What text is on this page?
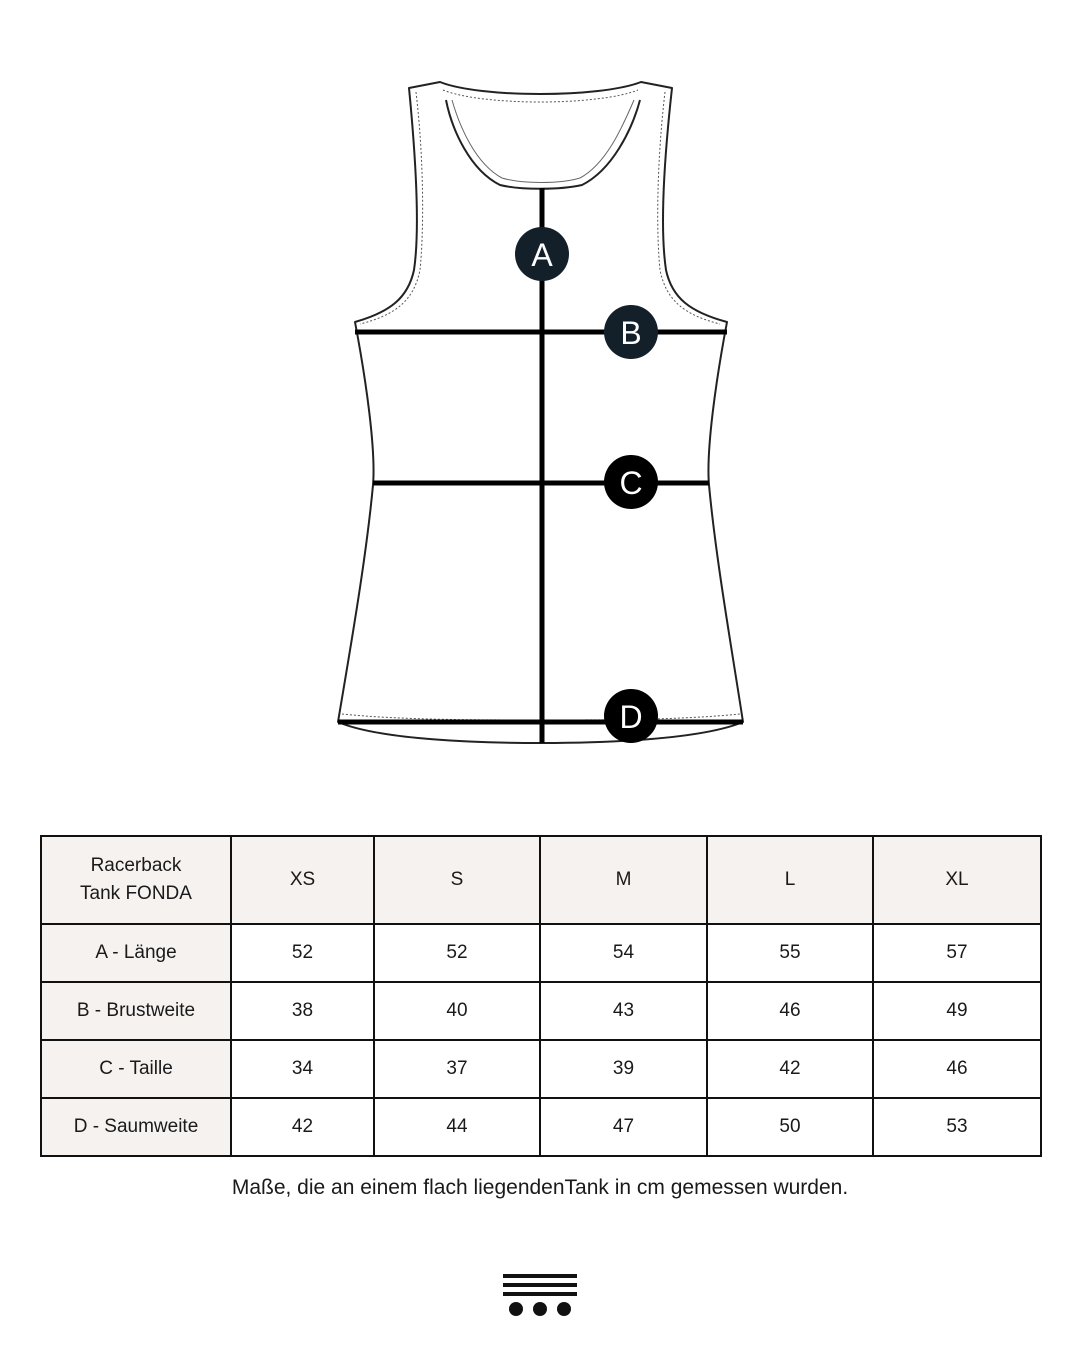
A
B
C
D
Racerback
Tank FONDA	XS	S	M	L	XL
A - Länge	52	52	54	55	57
B - Brustweite	38	40	43	46	49
C - Taille	34	37	39	42	46
D - Saumweite	42	44	47	50	53
Maße, die an einem flach liegendenTank in cm gemessen wurden.
